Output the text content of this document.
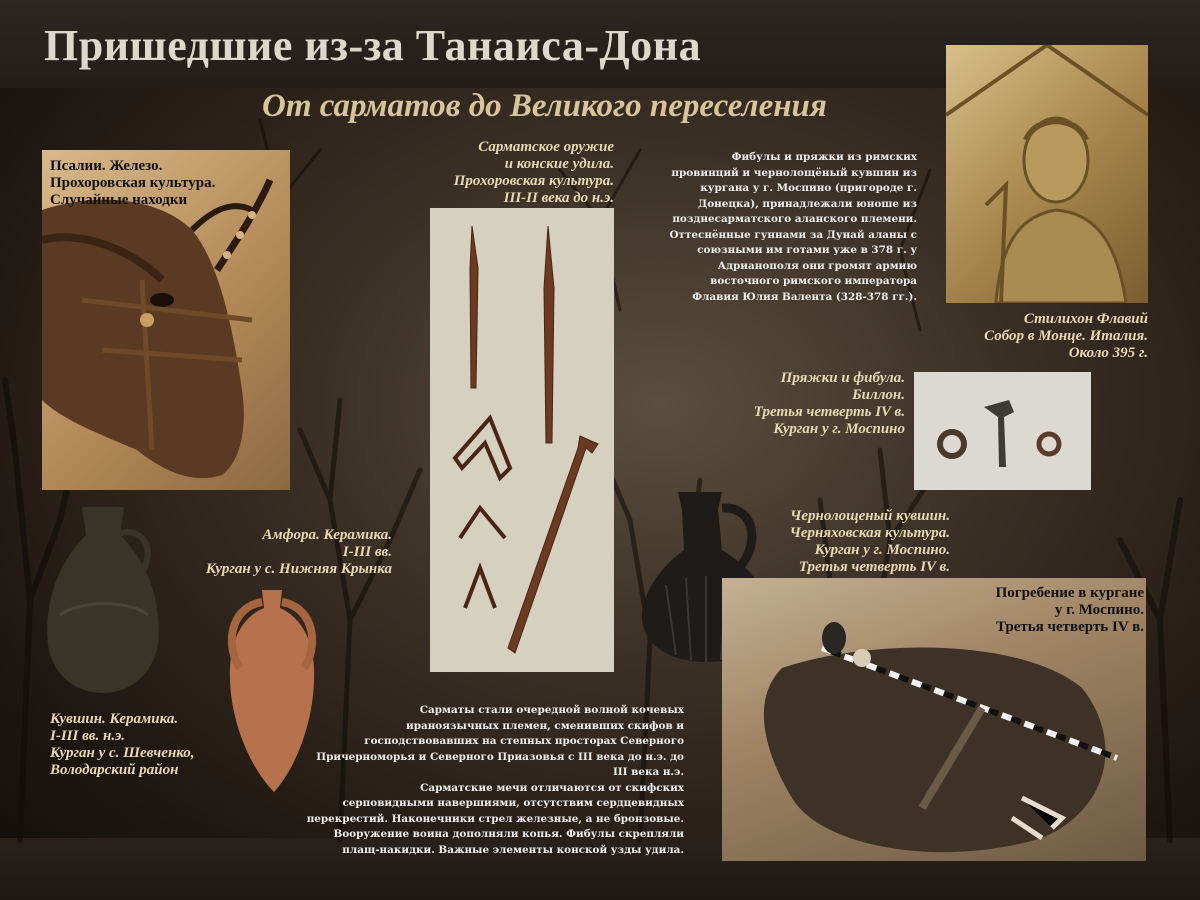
Пришедшие из-за Танаиса-Дона
От сарматов до Великого переселения
Псалии. Железо.
Прохоровская культура.
Случайные находки
Сарматское оружие
и конские удила.
Прохоровская культура.
III-II века до н.э.
Фибулы и пряжки из римских
провинций и чернолощёный кувшин из
кургана у г. Моспино (пригороде г.
Донецка), принадлежали юноше из
позднесарматского аланского племени.
Оттеснённые гуннами за Дунай аланы с
союзными им готами уже в 378 г. у
Адрианополя они громят армию
восточного римского императора
Флавия Юлия Валента (328-378 гг.).
Стилихон Флавий
Собор в Монце. Италия.
Около 395 г.
Пряжки и фибула.
Биллон.
Третья четверть IV в.
Курган у г. Моспино
Кувшин. Керамика.
I-III вв. н.э.
Курган у с. Шевченко,
Володарский район
Амфора. Керамика.
I-III вв.
Курган у с. Нижняя Крынка
Чернолощеный кувшин.
Черняховская культура.
Курган у г. Моспино.
Третья четверть IV в.
Погребение в кургане
у г. Моспино.
Третья четверть IV в.
Сарматы стали очередной волной кочевых
ираноязычных племен, сменивших скифов и
господствовавших на степных просторах Северного
Причерноморья и Северного Приазовья с III века до н.э. до
III века н.э.
Сарматские мечи отличаются от скифских
серповидными навершиями, отсутствим сердцевидных
перекрестий. Наконечники стрел железные, а не бронзовые.
Вооружение воина дополняли копья. Фибулы скрепляли
плащ-накидки. Важные элементы конской узды удила.
